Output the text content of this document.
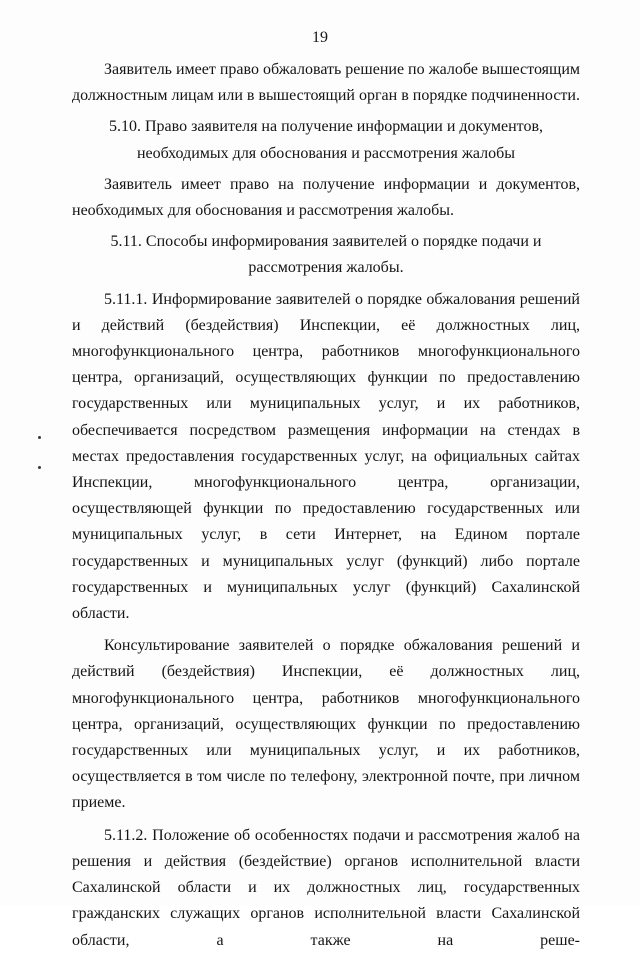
19

Заявитель имеет право обжаловать решение по жалобе вышестоящим должностным лицам или в вышестоящий орган в порядке подчиненности.

5.10. Право заявителя на получение информации и документов, необходимых для обоснования и рассмотрения жалобы

Заявитель имеет право на получение информации и документов, необходимых для обоснования и рассмотрения жалобы.

5.11. Способы информирования заявителей о порядке подачи и рассмотрения жалобы.

5.11.1. Информирование заявителей о порядке обжалования решений и действий (бездействия) Инспекции, её должностных лиц, многофункционального центра, работников многофункционального центра, организаций, осуществляющих функции по предоставлению государственных или муниципальных услуг, и их работников, обеспечивается посредством размещения информации на стендах в местах предоставления государственных услуг, на официальных сайтах Инспекции, многофункционального центра, организации, осуществляющей функции по предоставлению государственных или муниципальных услуг, в сети Интернет, на Едином портале государственных и муниципальных услуг (функций) либо портале государственных и муниципальных услуг (функций) Сахалинской области.

Консультирование заявителей о порядке обжалования решений и действий (бездействия) Инспекции, её должностных лиц, многофункционального центра, работников многофункционального центра, организаций, осуществляющих функции по предоставлению государственных или муниципальных услуг, и их работников, осуществляется в том числе по телефону, электронной почте, при личном приеме.

5.11.2. Положение об особенностях подачи и рассмотрения жалоб на решения и действия (бездействие) органов исполнительной власти Сахалинской области и их должностных лиц, государственных гражданских служащих органов исполнительной власти Сахалинской области, а также на реше-
